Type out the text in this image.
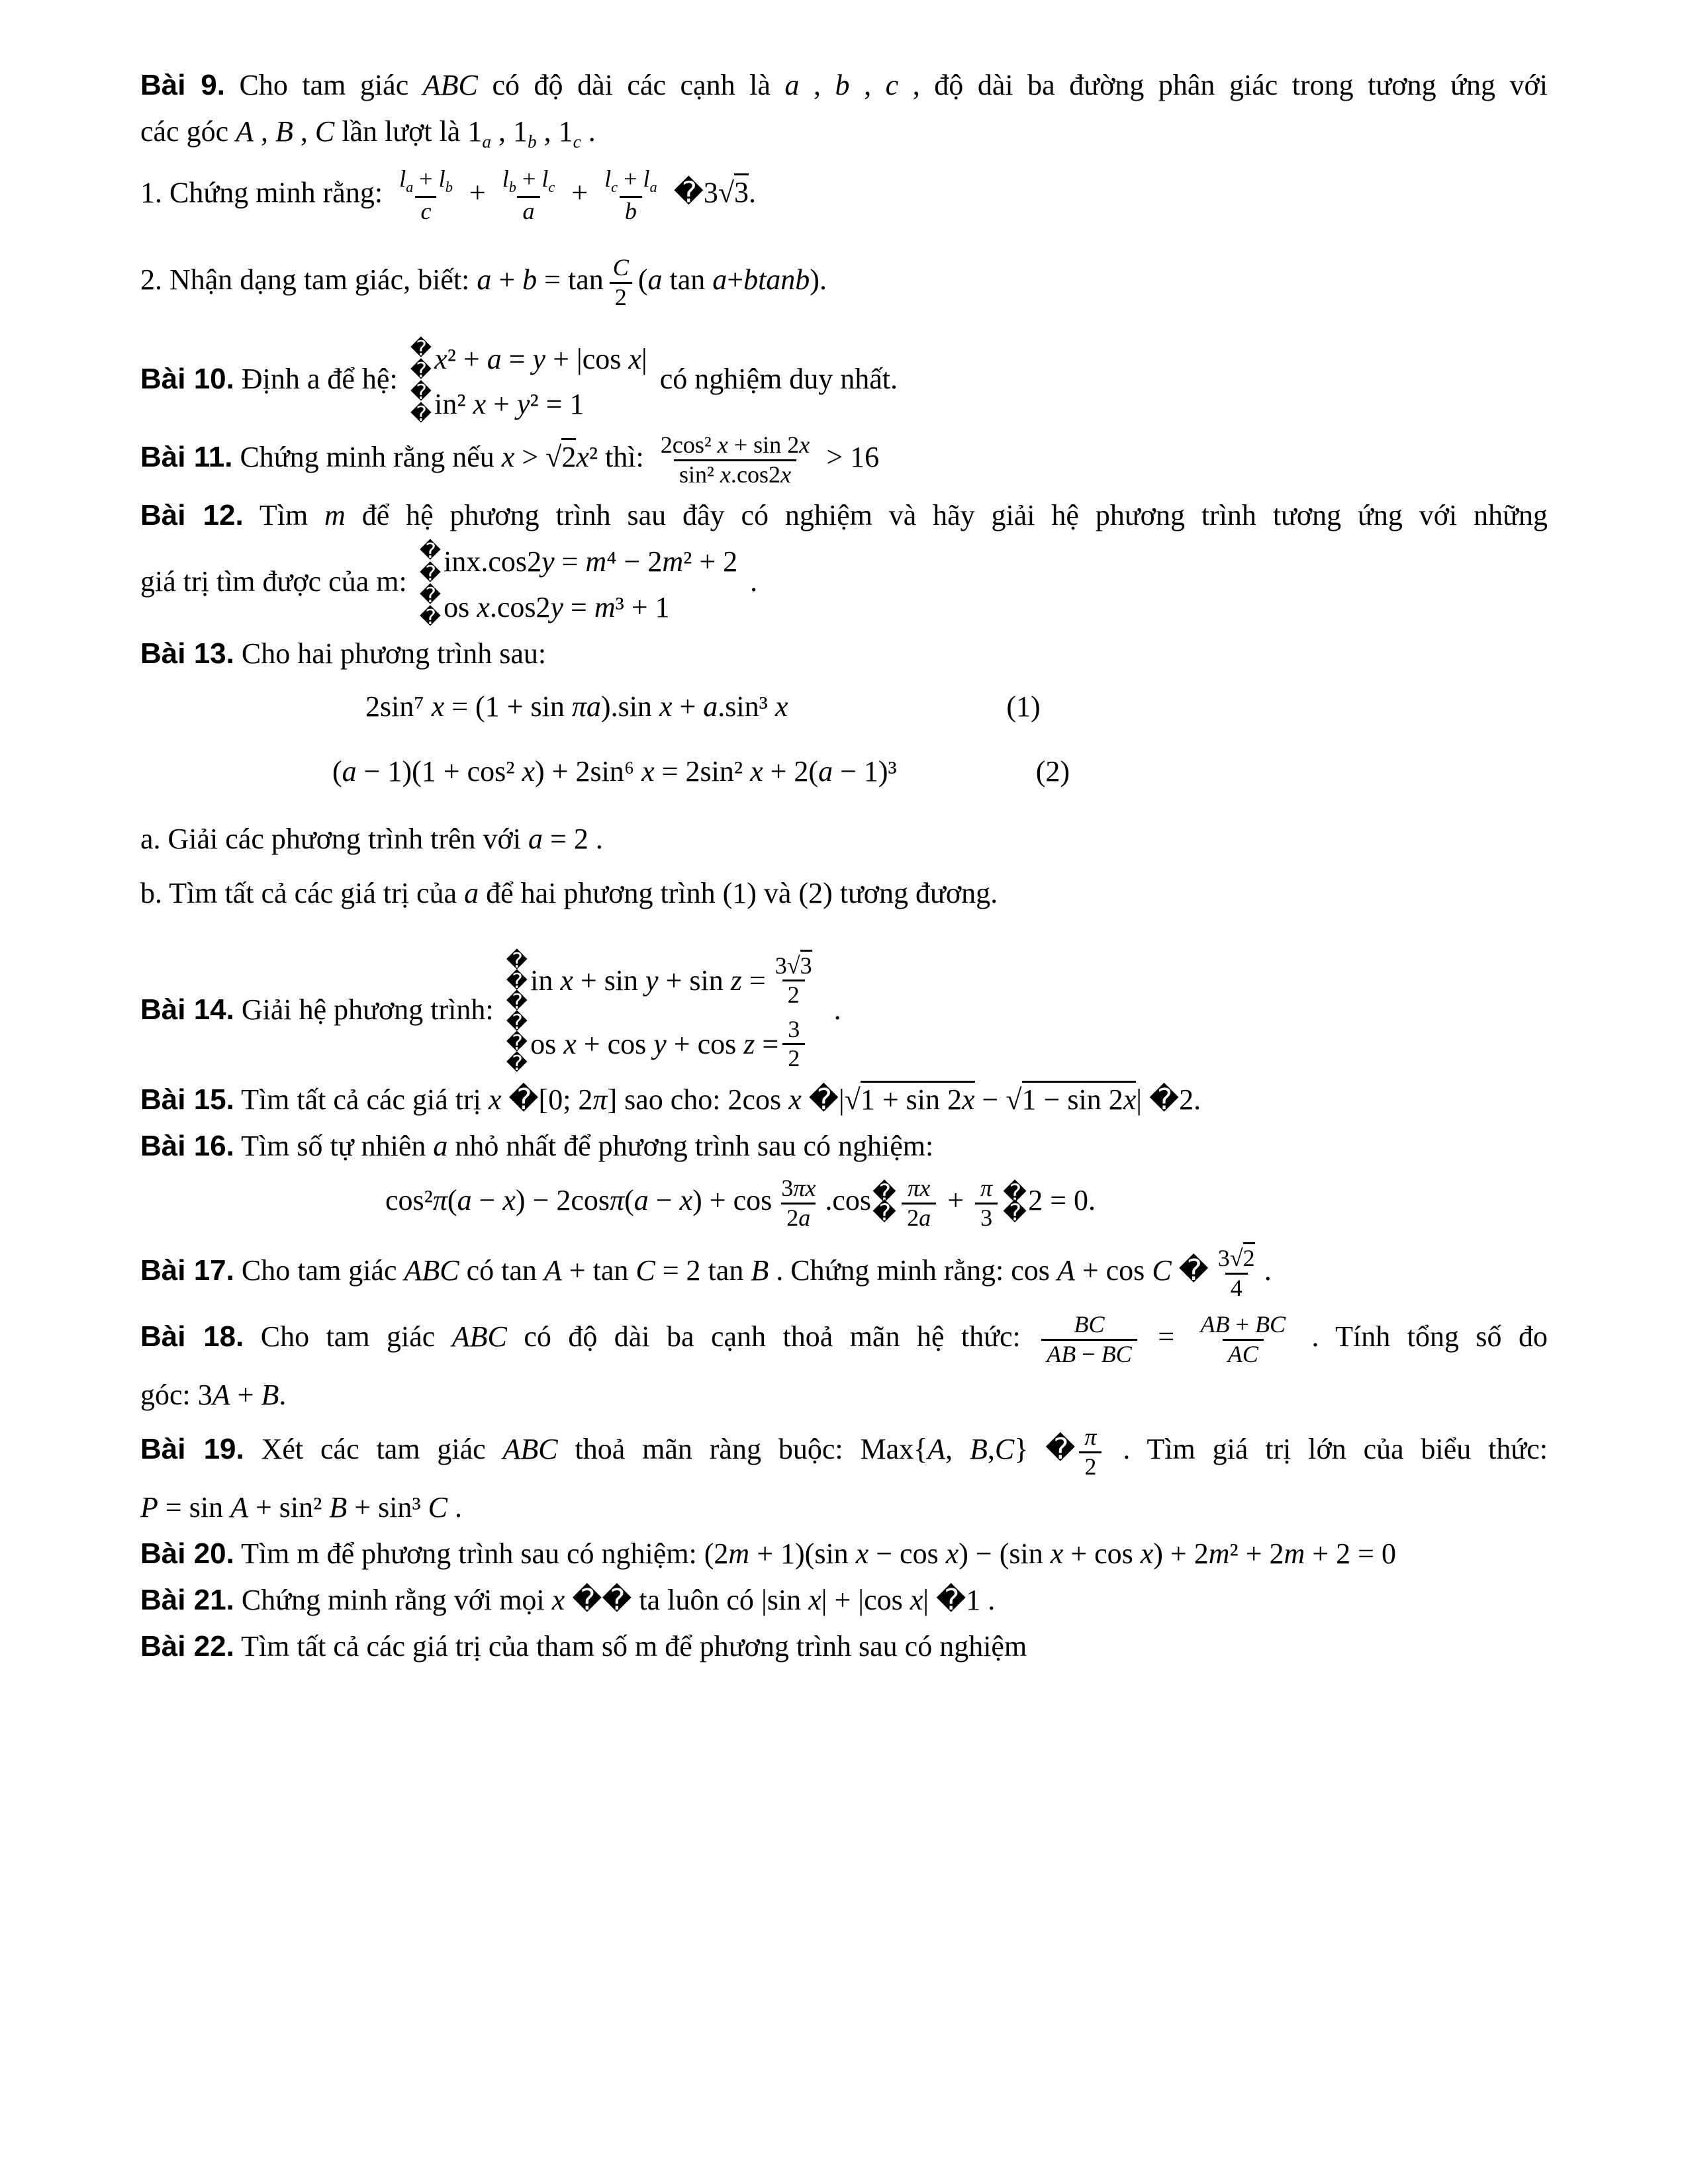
Bài 9. Cho tam giác ABC có độ dài các cạnh là a , b , c , độ dài ba đường phân giác trong tương ứng với
các góc A , B , C lần lượt là $1_a$ , $1_b$ , $1_c$ .
1. Chứng minh rằng: $\frac{l_a + l_b}{c} + \frac{l_b + l_c}{a} + \frac{l_c + l_a}{b}$ �3√3.
2. Nhận dạng tam giác, biết: $a + b = \tan \frac{C}{2} (a$ tan a+btanb).
Bài 10. Định a để hệ:
�
�
�
�
x² + a = y + |cos x|
in² x + y² = 1
có nghiệm duy nhất.
Bài 11. Chứng minh rằng nếu x > √2x² thì: $\frac{\text{2cos² x + sin 2x}}{\text{sin² x.cos2x}} > 16$
Bài 12. Tìm m để hệ phương trình sau đây có nghiệm và hãy giải hệ phương trình tương ứng với những
giá trị tìm được của m:
�
�
�
�
inx.cos2y = m⁴ − 2m² + 2
os x.cos2y = m³ + 1
.
Bài 13. Cho hai phương trình sau:
2sin⁷ x = (1 + sin πa).sin x + a.sin³ x	(1)
(a − 1)(1 + cos² x) + 2sin⁶ x = 2sin² x + 2(a − 1)³	(2)
a. Giải các phương trình trên với a = 2 .
b. Tìm tất cả các giá trị của a để hai phương trình (1) và (2) tương đương.
Bài 14. Giải hệ phương trình:
�
�
�
�
�
�
in $x + \sin y + \sin z = \frac{3√3}{2}$
os $x + \cos y + \cos z = \frac{3}{2}$
.
Bài 15. Tìm tất cả các giá trị x �[0; 2π] sao cho: 2cos x �|√1 + sin 2x − √1 − sin 2x| �2.
Bài 16. Tìm số tự nhiên a nhỏ nhất để phương trình sau có nghiệm:
$\cos^2\pi(a - x) - 2\cos\pi(a - x) + \cos \frac{3\pi x}{2a} .\cos$ �
� $\frac{\pi x}{2a} + \frac{\pi}{3}$ �
� 2 = 0.
Bài 17. Cho tam giác ABC có tan A + tan C = 2 tan B . Chứng minh rằng: cos A + cos C � $\frac{3√2}{4}$ .
Bài 18. Cho tam giác ABC có độ dài ba cạnh thoả mãn hệ thức: $\frac{BC}{AB - BC} = \frac{AB + BC}{AC}$ . Tính tổng số đo
góc: 3A + B.
Bài 19. Xét các tam giác ABC thoả mãn ràng buộc: Max{A, B,C} � $\frac{\pi}{2}$ . Tìm giá trị lớn của biểu thức:
P = sin A + sin² B + sin³ C .
Bài 20. Tìm m để phương trình sau có nghiệm: (2m + 1)(sin x − cos x) − (sin x + cos x) + 2m² + 2m + 2 = 0
Bài 21. Chứng minh rằng với mọi x �� ta luôn có |sin x| + |cos x| �1 .
Bài 22. Tìm tất cả các giá trị của tham số m để phương trình sau có nghiệm
